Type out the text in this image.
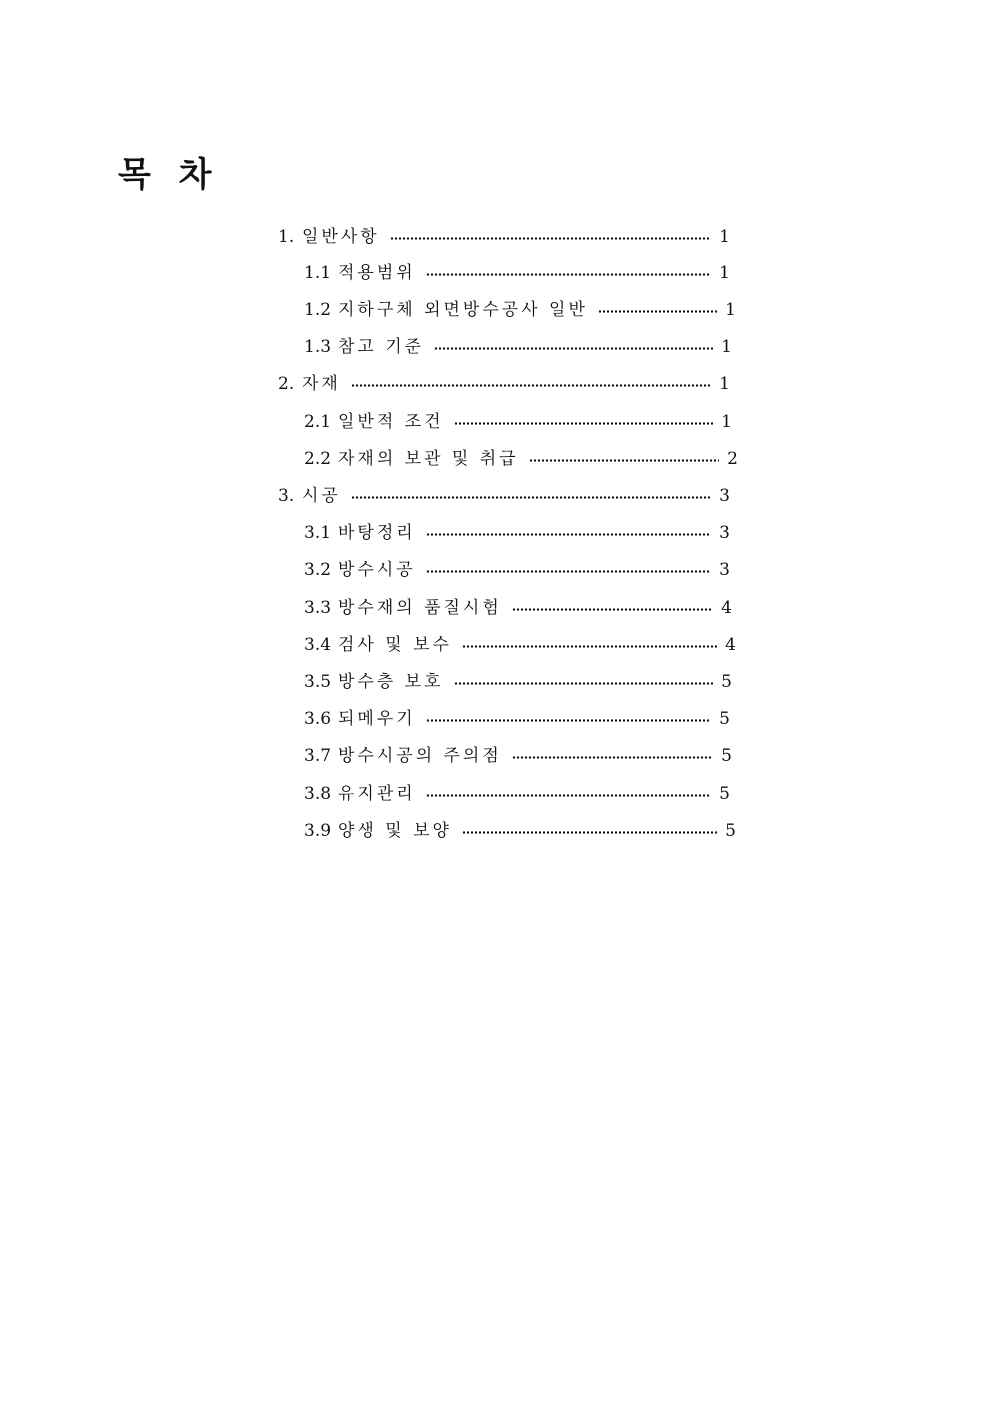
목 차
1. 일반사항	1
1.1 적용범위	1
1.2 지하구체 외면방수공사 일반	1
1.3 참고 기준	1
2. 자재	1
2.1 일반적 조건	1
2.2 자재의 보관 및 취급	2
3. 시공	3
3.1 바탕정리	3
3.2 방수시공	3
3.3 방수재의 품질시험	4
3.4 검사 및 보수	4
3.5 방수층 보호	5
3.6 되메우기	5
3.7 방수시공의 주의점	5
3.8 유지관리	5
3.9 양생 및 보양	5
